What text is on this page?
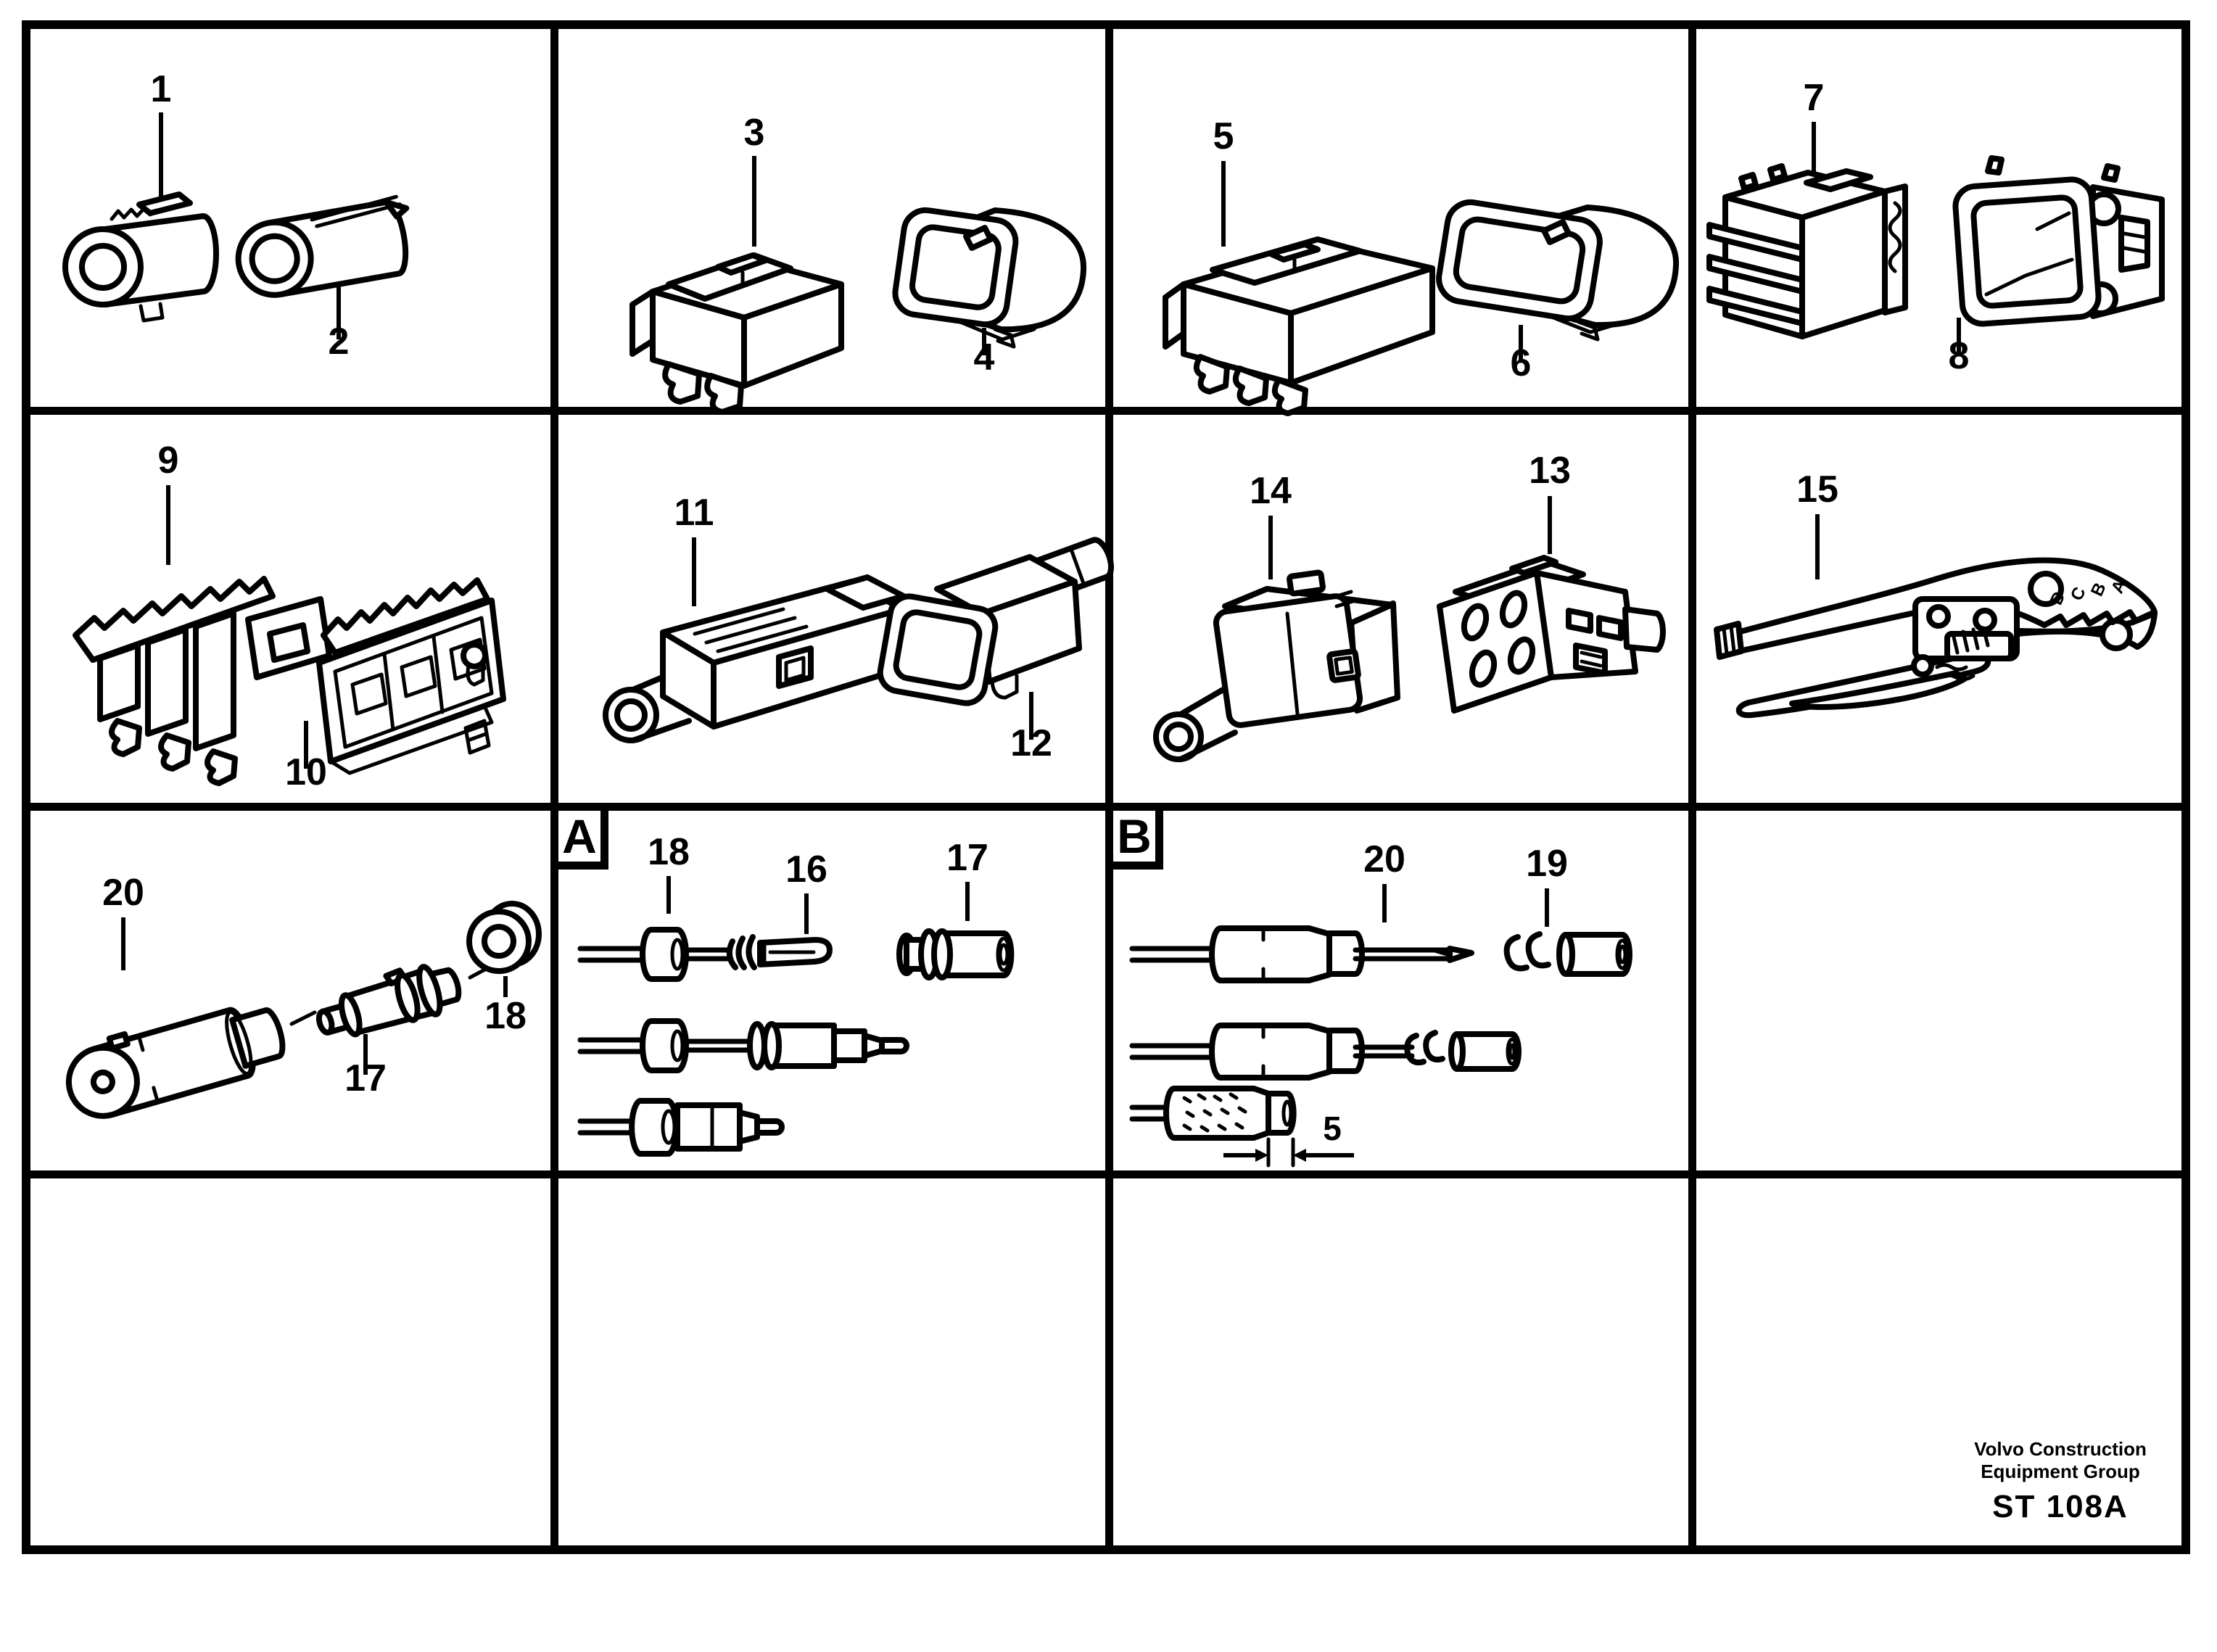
1
2
3
4
5
6
7
8
9
10
11
12
14	13	15
D
C
B
A
20
17
18
A 18	16	17	B	20	19
5
Volvo Construction
Equipment Group
ST 108A
